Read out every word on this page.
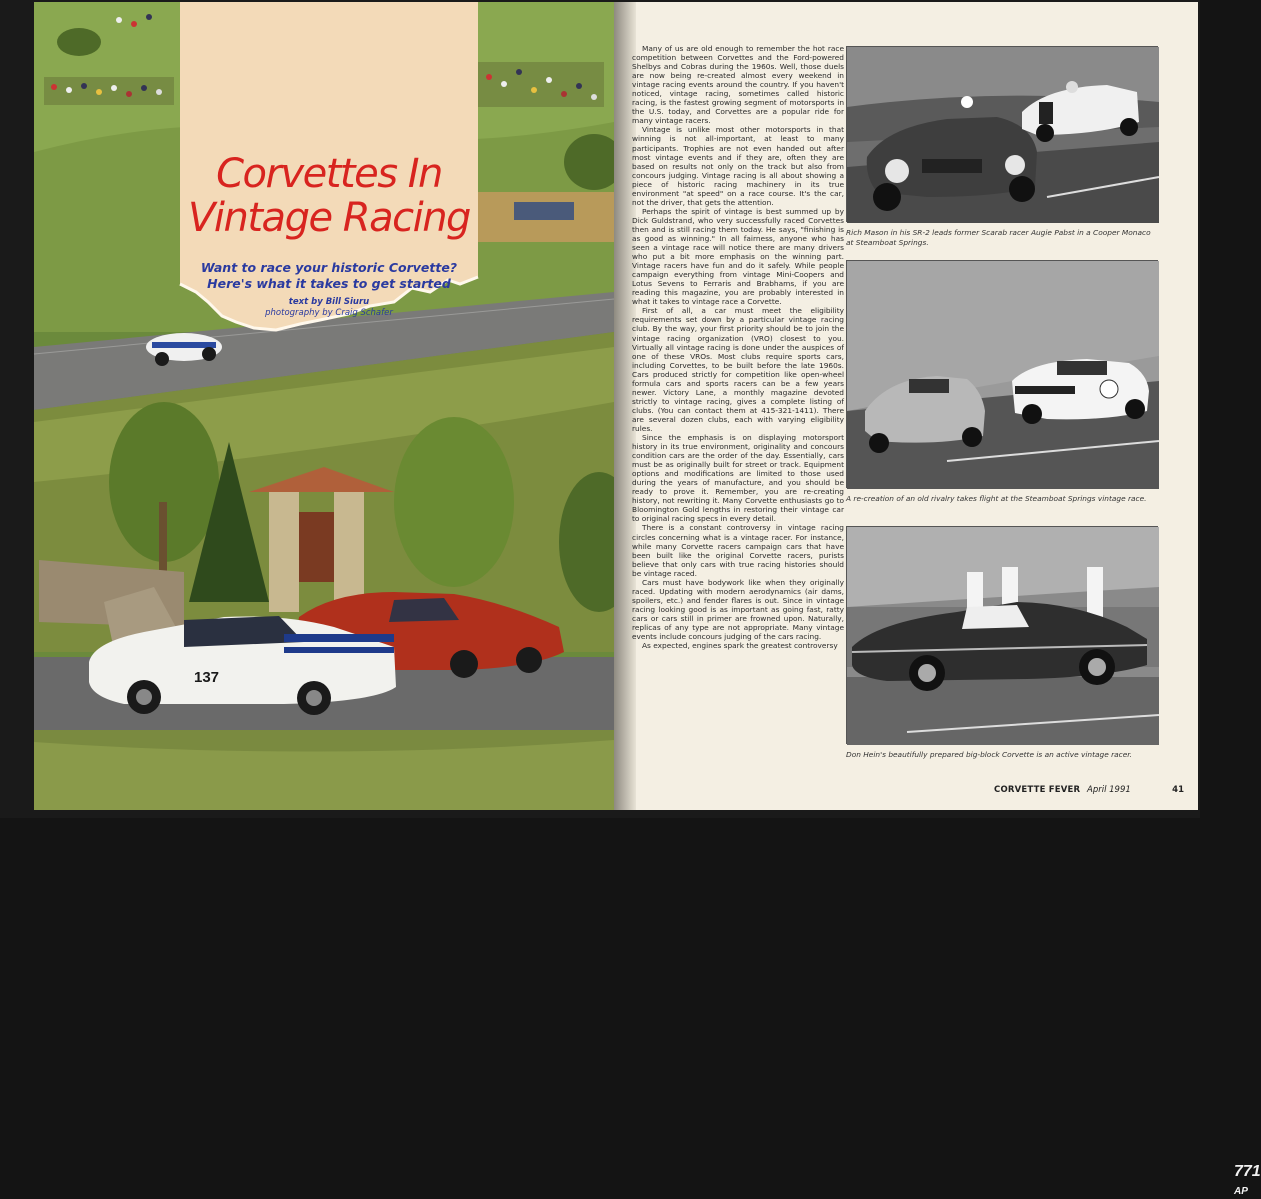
137
Corvettes In
Vintage Racing
Want to race your historic Corvette?
Here's what it takes to get started
text by Bill Siuru
photography by Craig Schafer

Many of us are old enough to remember the hot race competition between Corvettes and the Ford-powered Shelbys and Cobras during the 1960s. Well, those duels are now being re-created almost every weekend in vintage racing events around the country. If you haven't noticed, vintage racing, sometimes called historic racing, is the fastest growing segment of motorsports in the U.S. today, and Corvettes are a popular ride for many vintage racers.

Vintage is unlike most other motorsports in that winning is not all-important, at least to many participants. Trophies are not even handed out after most vintage events and if they are, often they are based on results not only on the track but also from concours judging. Vintage racing is all about showing a piece of historic racing machinery in its true environment "at speed" on a race course. It's the car, not the driver, that gets the attention.

Perhaps the spirit of vintage is best summed up by Dick Guldstrand, who very successfully raced Corvettes then and is still racing them today. He says, "finishing is as good as winning." In all fairness, anyone who has seen a vintage race will notice there are many drivers who put a bit more emphasis on the winning part. Vintage racers have fun and do it safely. While people campaign everything from vintage Mini-Coopers and Lotus Sevens to Ferraris and Brabhams, if you are reading this magazine, you are probably interested in what it takes to vintage race a Corvette.

First of all, a car must meet the eligibility requirements set down by a particular vintage racing club. By the way, your first priority should be to join the vintage racing organization (VRO) closest to you. Virtually all vintage racing is done under the auspices of one of these VROs. Most clubs require sports cars, including Corvettes, to be built before the late 1960s. Cars produced strictly for competition like open-wheel formula cars and sports racers can be a few years newer. Victory Lane, a monthly magazine devoted strictly to vintage racing, gives a complete listing of clubs. (You can contact them at 415-321-1411). There are several dozen clubs, each with varying eligibility rules.

Since the emphasis is on displaying motorsport history in its true environment, originality and concours condition cars are the order of the day. Essentially, cars must be as originally built for street or track. Equipment options and modifications are limited to those used during the years of manufacture, and you should be ready to prove it. Remember, you are re-creating history, not rewriting it. Many Corvette enthusiasts go to Bloomington Gold lengths in restoring their vintage car to original racing specs in every detail.

There is a constant controversy in vintage racing circles concerning what is a vintage racer. For instance, while many Corvette racers campaign cars that have been built like the original Corvette racers, purists believe that only cars with true racing histories should be vintage raced.

Cars must have bodywork like when they originally raced. Updating with modern aerodynamics (air dams, spoilers, etc.) and fender flares is out. Since in vintage racing looking good is as important as going fast, ratty cars or cars still in primer are frowned upon. Naturally, replicas of any type are not appropriate. Many vintage events include concours judging of the cars racing.

As expected, engines spark the greatest controversy

Rich Mason in his SR-2 leads former Scarab racer Augie Pabst in a Cooper Monaco at Steamboat Springs.
A re-creation of an old rivalry takes flight at the Steamboat Springs vintage race.
771 AP
Don Hein's beautifully prepared big-block Corvette is an active vintage racer.
CORVETTE FEVER April 1991	41
